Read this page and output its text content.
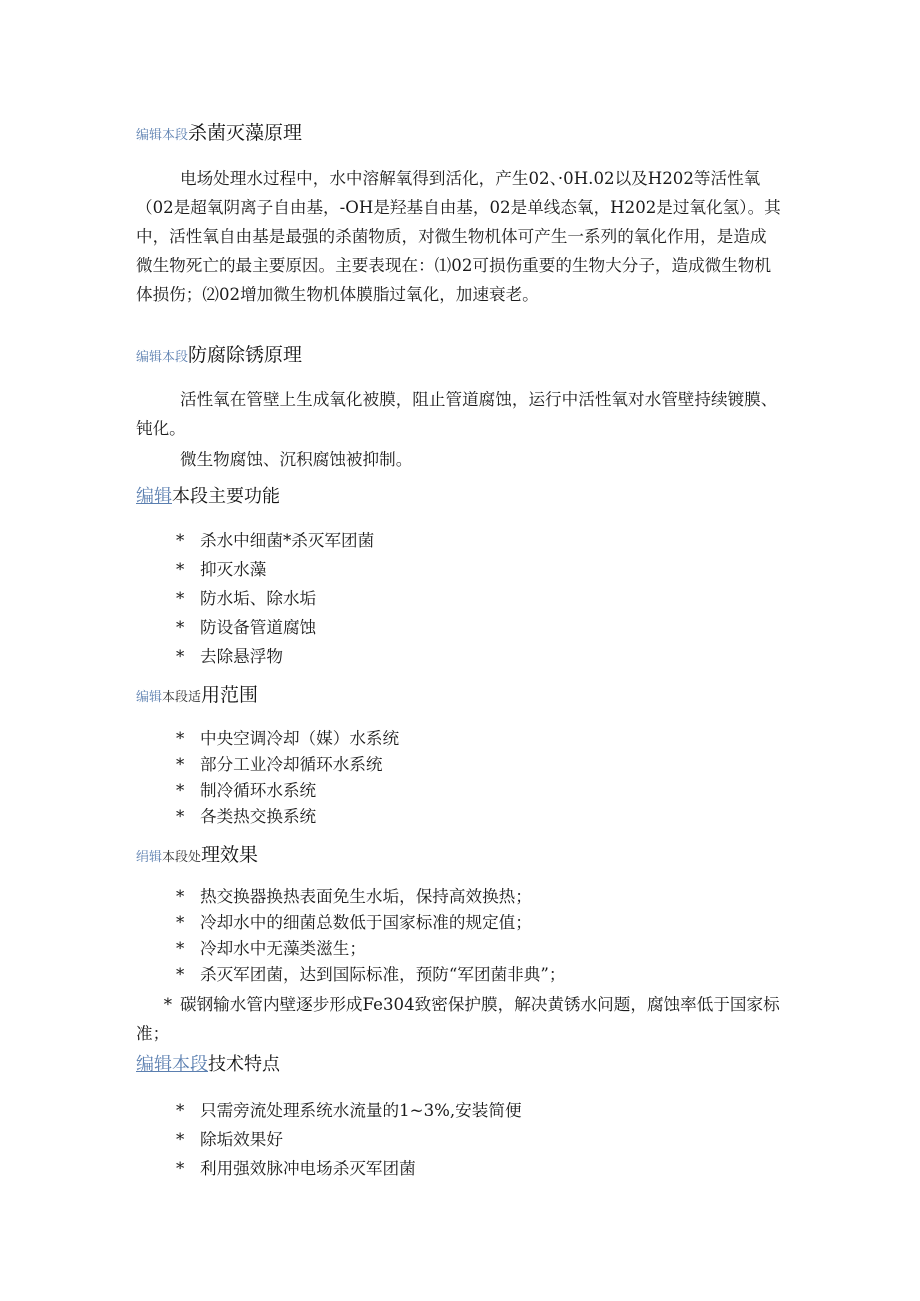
编辑本段杀菌灭藻原理

电场处理水过程中，水中溶解氧得到活化，产生02、·0H.02以及H202等活性氧（02是超氧阴离子自由基，-OH是羟基自由基，02是单线态氧，H202是过氧化氢）。其中，活性氧自由基是最强的杀菌物质，对微生物机体可产生一系列的氧化作用，是造成微生物死亡的最主要原因。主要表现在：⑴02可损伤重要的生物大分子，造成微生物机体损伤；⑵02增加微生物机体膜脂过氧化，加速衰老。

编辑本段防腐除锈原理

活性氧在管壁上生成氧化被膜，阻止管道腐蚀，运行中活性氧对水管壁持续镀膜、钝化。

微生物腐蚀、沉积腐蚀被抑制。

编辑本段主要功能
* 杀水中细菌*杀灭军团菌
* 抑灭水藻
* 防水垢、除水垢
* 防设备管道腐蚀
* 去除悬浮物
编辑本段适用范围
* 中央空调冷却（媒）水系统
* 部分工业冷却循环水系统
* 制冷循环水系统
* 各类热交换系统
绢辑本段处理效果
* 热交换器换热表面免生水垢，保持高效换热；
* 冷却水中的细菌总数低于国家标准的规定值；
* 冷却水中无藻类滋生；
* 杀灭军团菌，达到国际标准，预防“军团菌非典”；

* 碳钢输水管内壁逐步形成Fe304致密保护膜，解决黄锈水问题，腐蚀率低于国家标准；

编辑本段技术特点
* 只需旁流处理系统水流量的1~3%,安装简便
* 除垢效果好
* 利用强效脉冲电场杀灭军团菌
